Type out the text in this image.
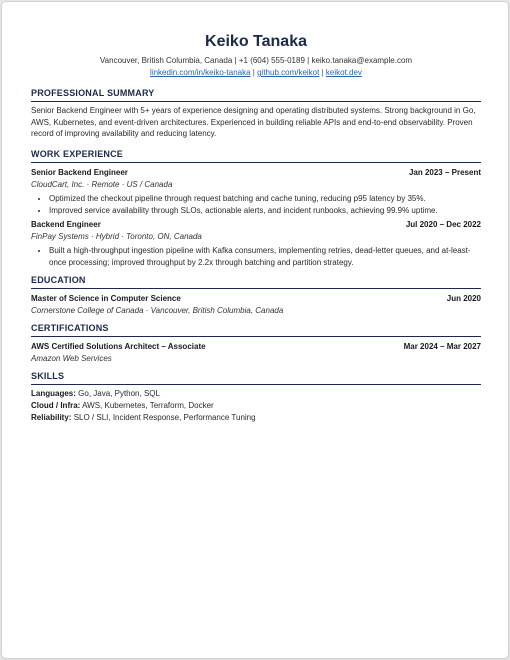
Keiko Tanaka
Vancouver, British Columbia, Canada | +1 (604) 555-0189 | keiko.tanaka@example.com
linkedin.com/in/keiko-tanaka | github.com/keikot | keikot.dev
PROFESSIONAL SUMMARY
Senior Backend Engineer with 5+ years of experience designing and operating distributed systems. Strong background in Go, AWS, Kubernetes, and event-driven architectures. Experienced in building reliable APIs and end-to-end observability. Proven record of improving availability and reducing latency.
WORK EXPERIENCE
Senior Backend Engineer	Jan 2023 – Present
CloudCart, Inc. · Remote · US / Canada
• Optimized the checkout pipeline through request batching and cache tuning, reducing p95 latency by 35%.
• Improved service availability through SLOs, actionable alerts, and incident runbooks, achieving 99.9% uptime.
Backend Engineer	Jul 2020 – Dec 2022
FinPay Systems · Hybrid · Toronto, ON, Canada
• Built a high-throughput ingestion pipeline with Kafka consumers, implementing retries, dead-letter queues, and at-least-once processing; improved throughput by 2.2x through batching and partition strategy.
EDUCATION
Master of Science in Computer Science	Jun 2020
Cornerstone College of Canada · Vancouver, British Columbia, Canada
CERTIFICATIONS
AWS Certified Solutions Architect – Associate	Mar 2024 – Mar 2027
Amazon Web Services
SKILLS
Languages: Go, Java, Python, SQL
Cloud / Infra: AWS, Kubernetes, Terraform, Docker
Reliability: SLO / SLI, Incident Response, Performance Tuning
